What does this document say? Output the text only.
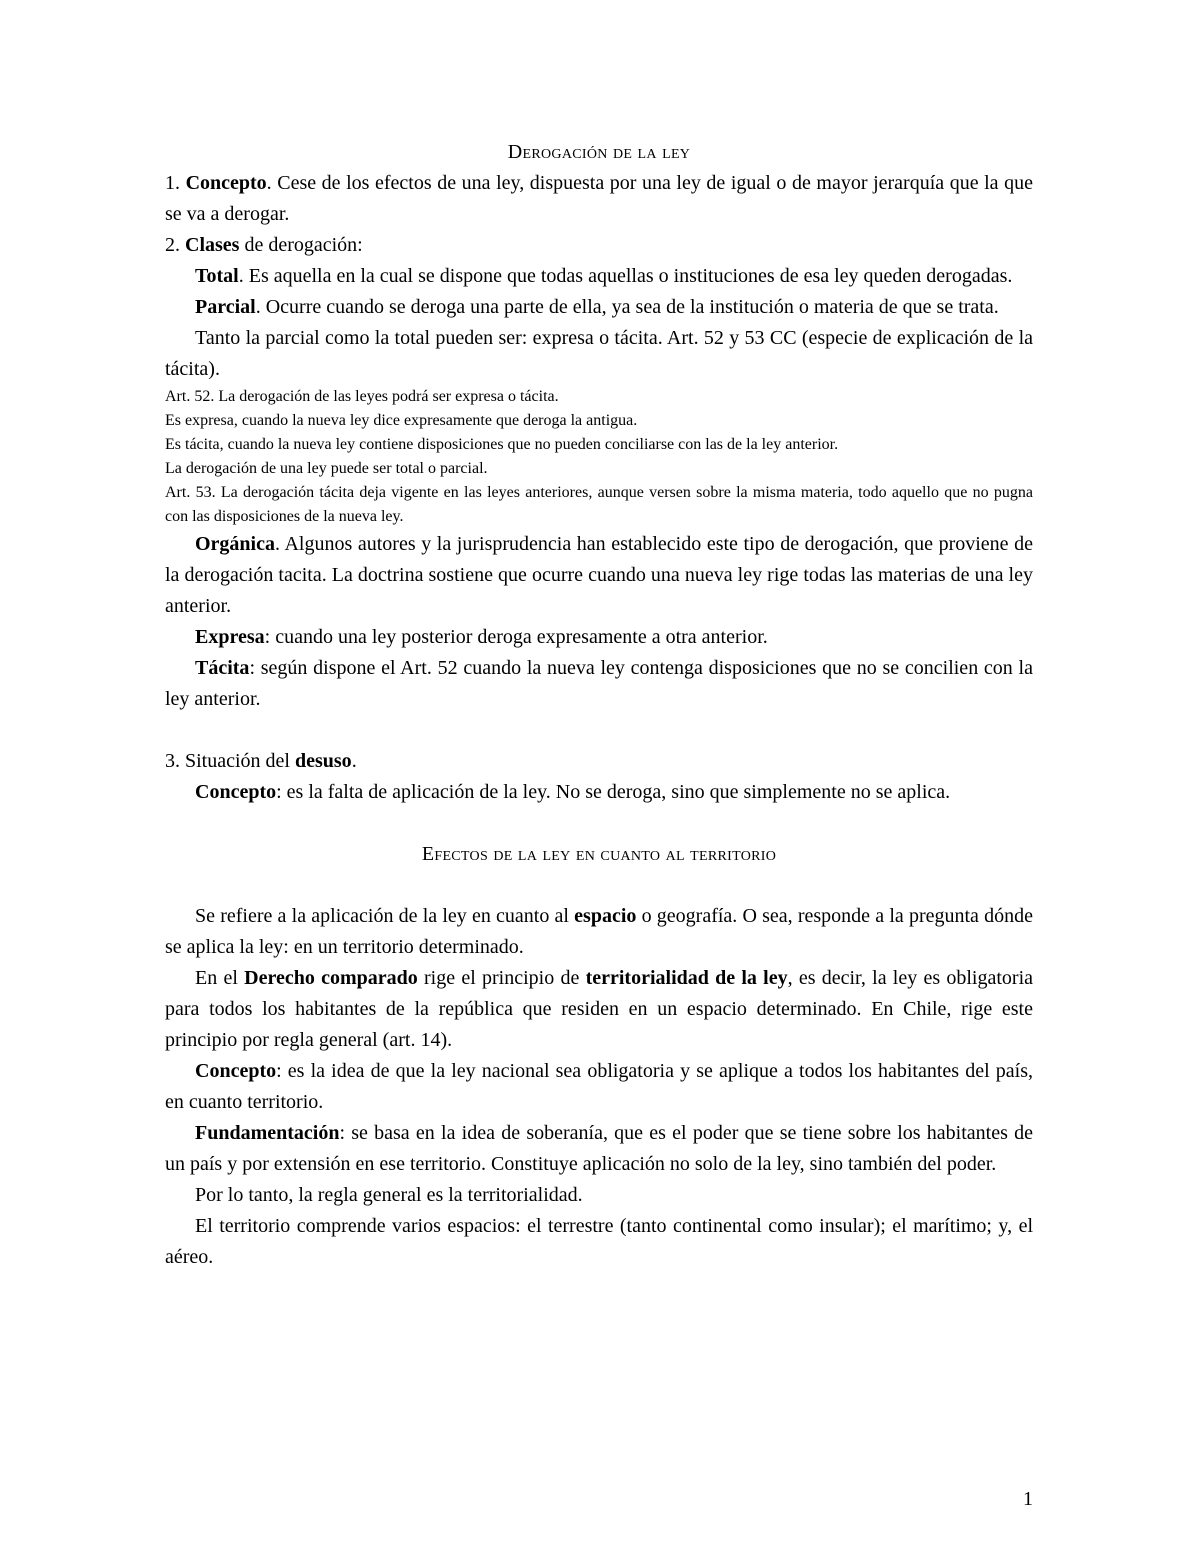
Derogación de la ley

1. Concepto. Cese de los efectos de una ley, dispuesta por una ley de igual o de mayor jerarquía que la que se va a derogar.

2. Clases de derogación:

Total. Es aquella en la cual se dispone que todas aquellas o instituciones de esa ley queden derogadas.

Parcial. Ocurre cuando se deroga una parte de ella, ya sea de la institución o materia de que se trata.

Tanto la parcial como la total pueden ser: expresa o tácita. Art. 52 y 53 CC (especie de explicación de la tácita).

Art. 52. La derogación de las leyes podrá ser expresa o tácita.

Es expresa, cuando la nueva ley dice expresamente que deroga la antigua.

Es tácita, cuando la nueva ley contiene disposiciones que no pueden conciliarse con las de la ley anterior.

La derogación de una ley puede ser total o parcial.

Art. 53. La derogación tácita deja vigente en las leyes anteriores, aunque versen sobre la misma materia, todo aquello que no pugna con las disposiciones de la nueva ley.

Orgánica. Algunos autores y la jurisprudencia han establecido este tipo de derogación, que proviene de la derogación tacita. La doctrina sostiene que ocurre cuando una nueva ley rige todas las materias de una ley anterior.

Expresa: cuando una ley posterior deroga expresamente a otra anterior.

Tácita: según dispone el Art. 52 cuando la nueva ley contenga disposiciones que no se concilien con la ley anterior.

3. Situación del desuso.

Concepto: es la falta de aplicación de la ley. No se deroga, sino que simplemente no se aplica.

Efectos de la ley en cuanto al territorio

Se refiere a la aplicación de la ley en cuanto al espacio o geografía. O sea, responde a la pregunta dónde se aplica la ley: en un territorio determinado.

En el Derecho comparado rige el principio de territorialidad de la ley, es decir, la ley es obligatoria para todos los habitantes de la república que residen en un espacio determinado. En Chile, rige este principio por regla general (art. 14).

Concepto: es la idea de que la ley nacional sea obligatoria y se aplique a todos los habitantes del país, en cuanto territorio.

Fundamentación: se basa en la idea de soberanía, que es el poder que se tiene sobre los habitantes de un país y por extensión en ese territorio. Constituye aplicación no solo de la ley, sino también del poder.

Por lo tanto, la regla general es la territorialidad.

El territorio comprende varios espacios: el terrestre (tanto continental como insular); el marítimo; y, el aéreo.

1
